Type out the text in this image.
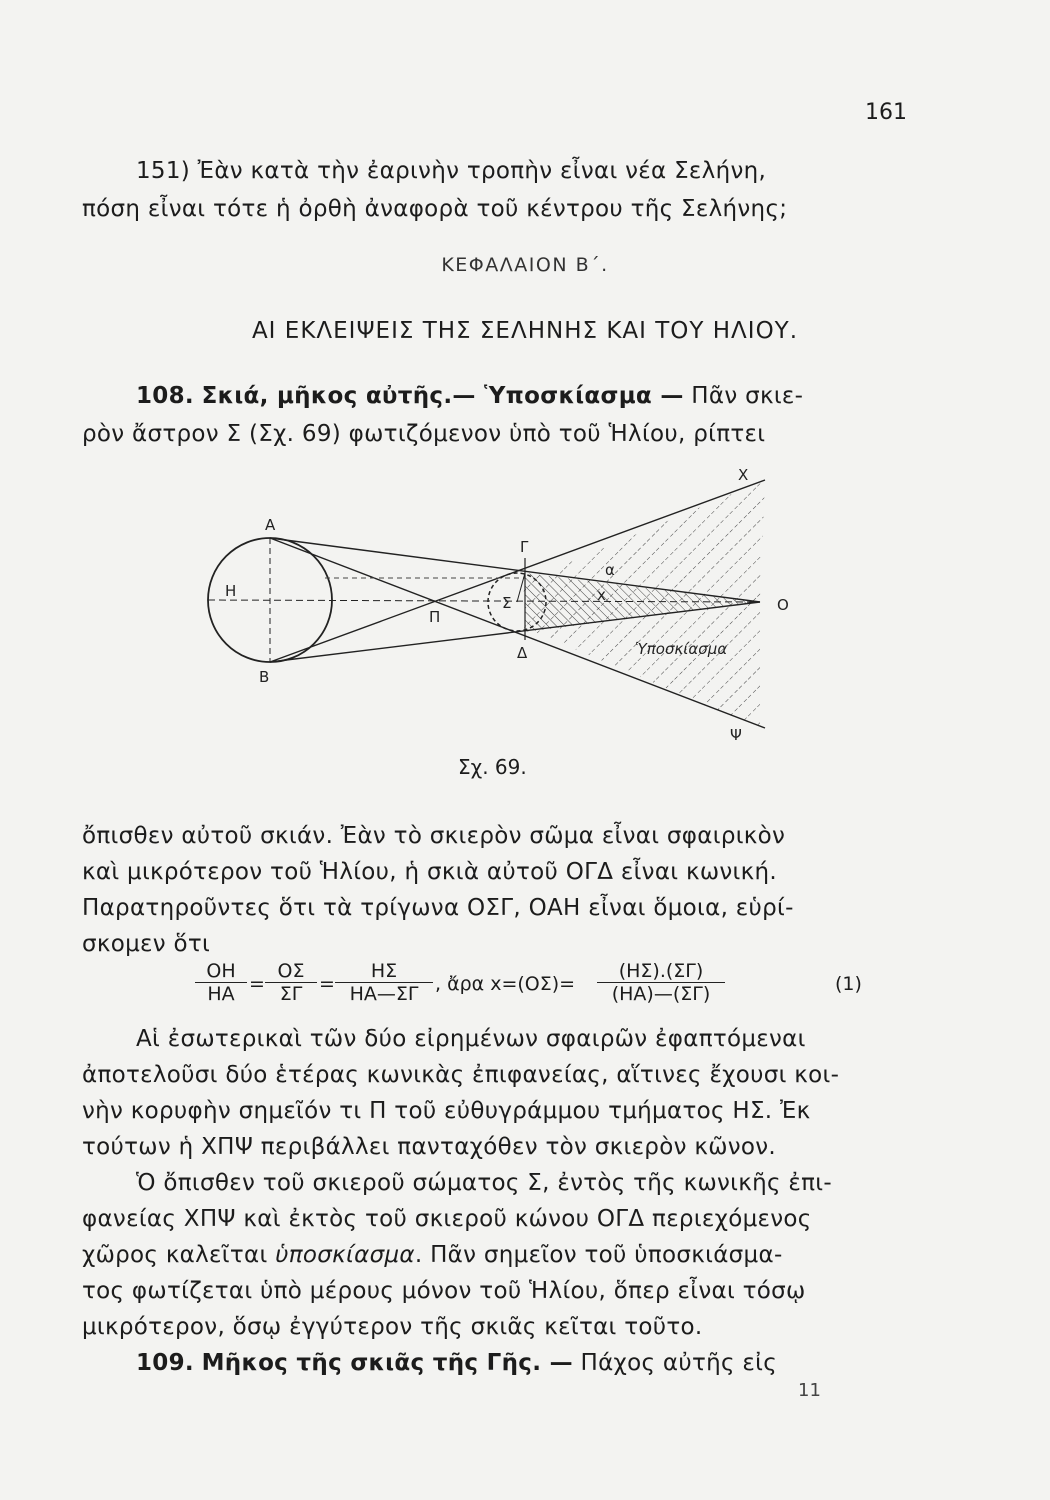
161
151) Ἐὰν κατὰ τὴν ἐαρινὴν τροπὴν εἶναι νέα Σελήνη,
πόση εἶναι τότε ἡ ὀρθὴ ἀναφορὰ τοῦ κέντρου τῆς Σελήνης;
ΚΕΦΑΛΑΙΟΝ Β΄.
ΑΙ ΕΚΛΕΙΨΕΙΣ ΤΗΣ ΣΕΛΗΝΗΣ ΚΑΙ ΤΟΥ ΗΛΙΟΥ.
108. Σκιά, μῆκος αὐτῆς.— Ὑποσκίασμα — Πᾶν σκιε-
ρὸν ἄστρον Σ (Σχ. 69) φωτιζόμενον ὑπὸ τοῦ Ἡλίου, ρίπτει
Α
Β
Η
Π
Γ
Σ
Δ
Ο
Χ
Ψ
α
x
Ὑποσκίασμα
Σχ. 69.
ὄπισθεν αὐτοῦ σκιάν. Ἐὰν τὸ σκιερὸν σῶμα εἶναι σφαιρικὸν
καὶ μικρότερον τοῦ Ἡλίου, ἡ σκιὰ αὐτοῦ ΟΓΔ εἶναι κωνική.
Παρατηροῦντες ὅτι τὰ τρίγωνα ΟΣΓ, ΟΑΗ εἶναι ὅμοια, εὑρί-
σκομεν ὅτι
$\frac{OH}{HA} = \frac{O\Sigma}{\Sigma\Gamma} = \frac{H\Sigma}{HA—\Sigma\Gamma}$ , ἄρα $x=(O\Sigma)= \frac{(H\Sigma).(\Sigma\Gamma)}{(HA)—(\Sigma\Gamma)}$	(1)
Αἱ ἐσωτερικαὶ τῶν δύο εἰρημένων σφαιρῶν ἐφαπτόμεναι
ἀποτελοῦσι δύο ἑτέρας κωνικὰς ἐπιφανείας, αἵτινες ἔχουσι κοι-
νὴν κορυφὴν σημεῖόν τι Π τοῦ εὐθυγράμμου τμήματος ΗΣ. Ἐκ
τούτων ἡ ΧΠΨ περιβάλλει πανταχόθεν τὸν σκιερὸν κῶνον.
Ὁ ὄπισθεν τοῦ σκιεροῦ σώματος Σ, ἐντὸς τῆς κωνικῆς ἐπι-
φανείας ΧΠΨ καὶ ἐκτὸς τοῦ σκιεροῦ κώνου ΟΓΔ περιεχόμενος
χῶρος καλεῖται ὑποσκίασμα. Πᾶν σημεῖον τοῦ ὑποσκιάσμα-
τος φωτίζεται ὑπὸ μέρους μόνον τοῦ Ἡλίου, ὅπερ εἶναι τόσῳ
μικρότερον, ὅσῳ ἐγγύτερον τῆς σκιᾶς κεῖται τοῦτο.
109. Μῆκος τῆς σκιᾶς τῆς Γῆς. — Πάχος αὐτῆς εἰς
11
